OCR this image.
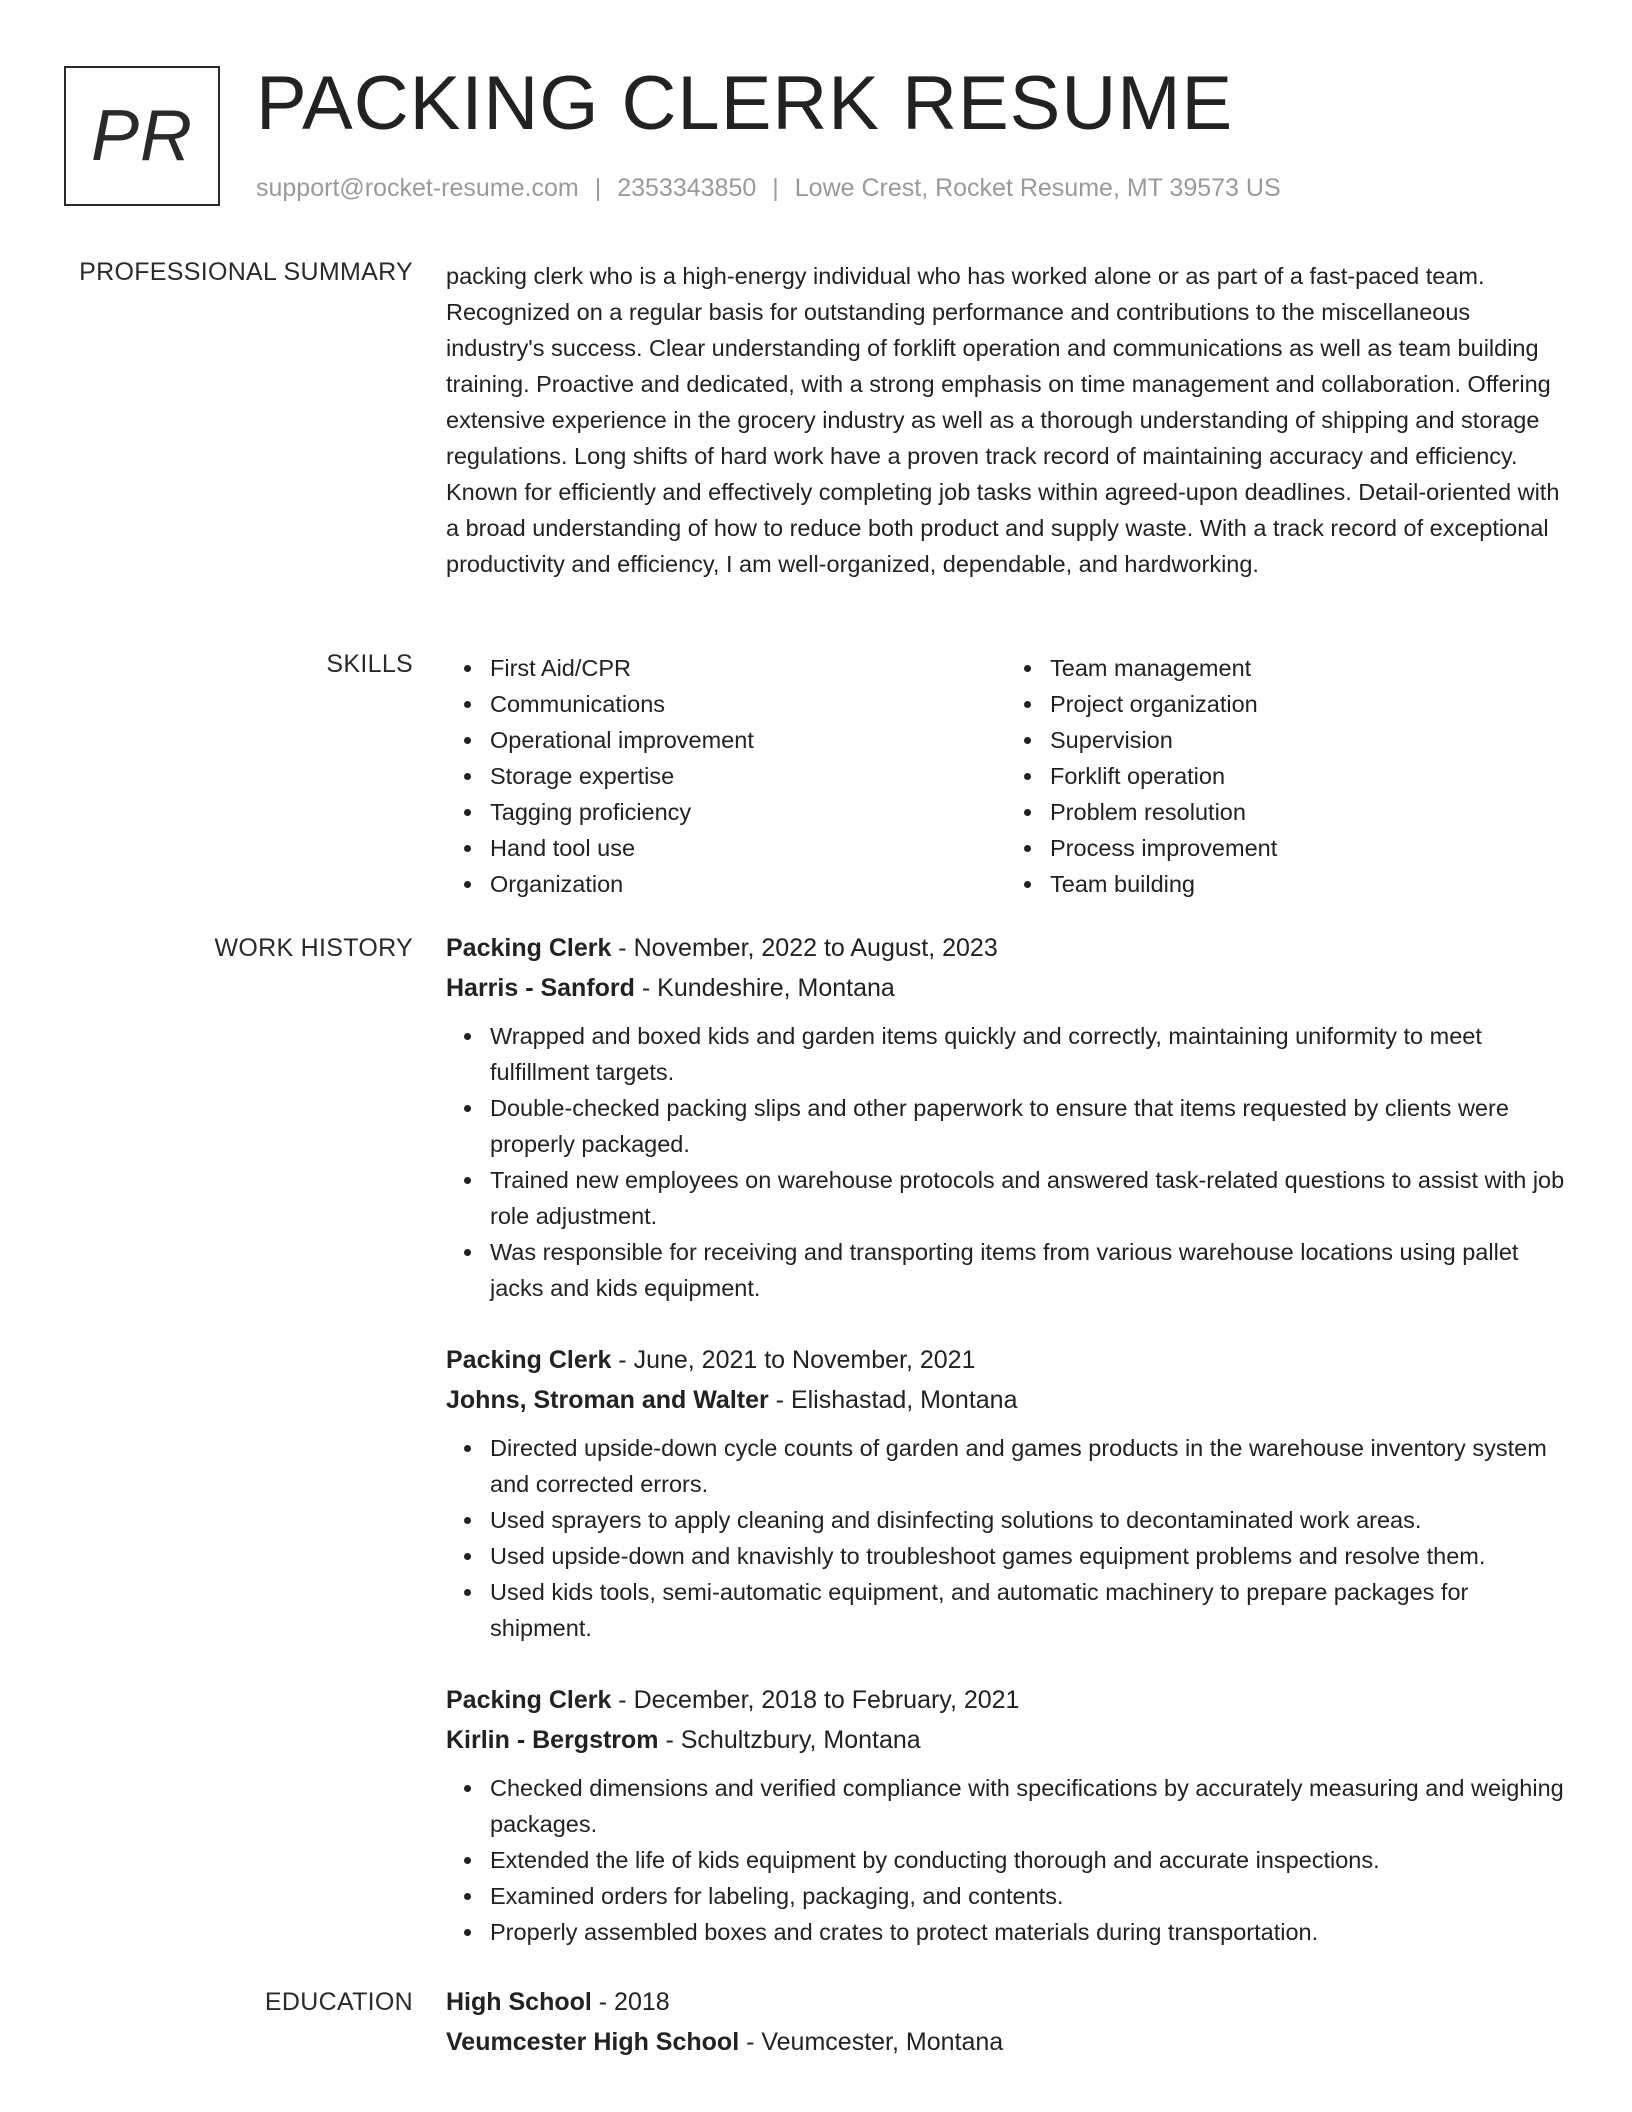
PR PACKING CLERK RESUME
support@rocket-resume.com | 2353343850 | Lowe Crest, Rocket Resume, MT 39573 US
PROFESSIONAL SUMMARY packing clerk who is a high-energy individual who has worked alone or as part of a fast-paced team. Recognized on a regular basis for outstanding performance and contributions to the miscellaneous industry's success. Clear understanding of forklift operation and communications as well as team building training. Proactive and dedicated, with a strong emphasis on time management and collaboration. Offering extensive experience in the grocery industry as well as a thorough understanding of shipping and storage regulations. Long shifts of hard work have a proven track record of maintaining accuracy and efficiency. Known for efficiently and effectively completing job tasks within agreed-upon deadlines. Detail-oriented with a broad understanding of how to reduce both product and supply waste. With a track record of exceptional productivity and efficiency, I am well-organized, dependable, and hardworking.

SKILLS	First Aid/CPR
Communications
Operational improvement
Storage expertise
Tagging proficiency
Hand tool use
Organization
Team management
Project organization
Supervision
Forklift operation
Problem resolution
Process improvement
Team building
WORK HISTORY Packing Clerk - November, 2022 to August, 2023
Harris - Sanford - Kundeshire, Montana
Wrapped and boxed kids and garden items quickly and correctly, maintaining uniformity to meet fulfillment targets.
Double-checked packing slips and other paperwork to ensure that items requested by clients were properly packaged.
Trained new employees on warehouse protocols and answered task-related questions to assist with job role adjustment.
Was responsible for receiving and transporting items from various warehouse locations using pallet jacks and kids equipment.
Packing Clerk - June, 2021 to November, 2021
Johns, Stroman and Walter - Elishastad, Montana
Directed upside-down cycle counts of garden and games products in the warehouse inventory system and corrected errors.
Used sprayers to apply cleaning and disinfecting solutions to decontaminated work areas.
Used upside-down and knavishly to troubleshoot games equipment problems and resolve them.
Used kids tools, semi-automatic equipment, and automatic machinery to prepare packages for shipment.
Packing Clerk - December, 2018 to February, 2021
Kirlin - Bergstrom - Schultzbury, Montana
Checked dimensions and verified compliance with specifications by accurately measuring and weighing packages.
Extended the life of kids equipment by conducting thorough and accurate inspections.
Examined orders for labeling, packaging, and contents.
Properly assembled boxes and crates to protect materials during transportation.
EDUCATION High School - 2018
Veumcester High School - Veumcester, Montana
